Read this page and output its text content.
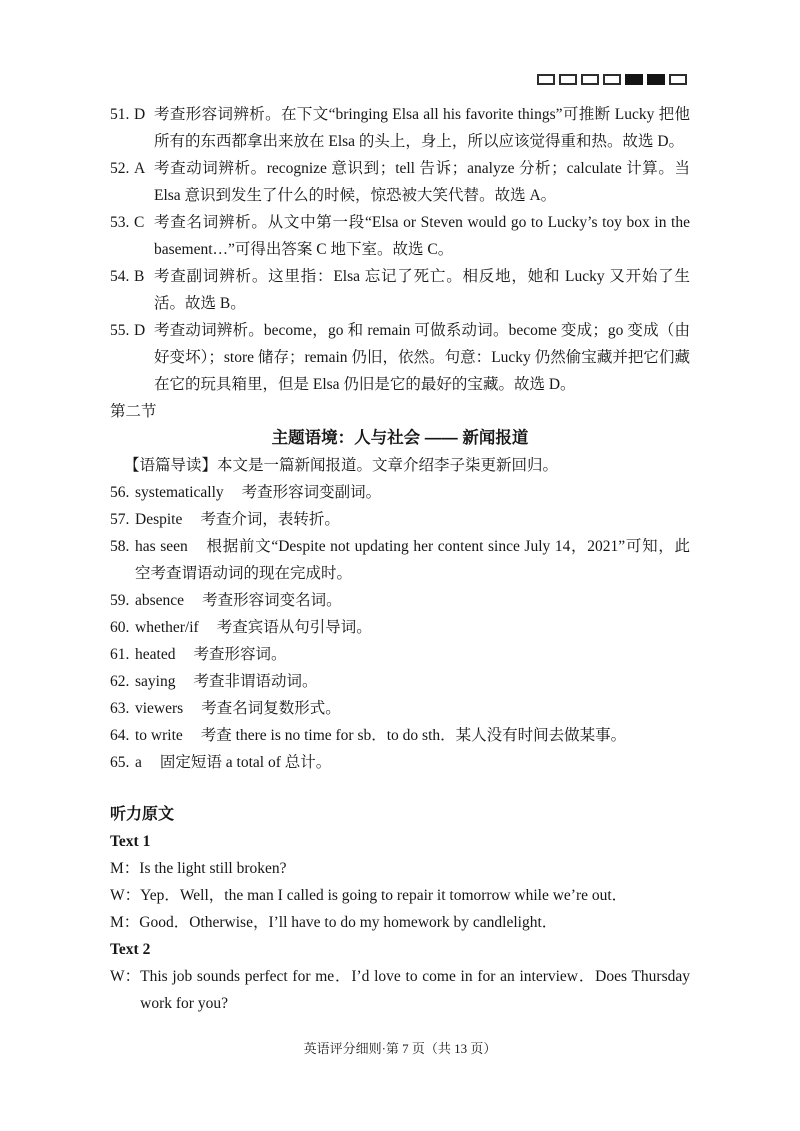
51. D 考查形容词辨析。在下文“bringing Elsa all his favorite things”可推断 Lucky 把他所有的东西都拿出来放在 Elsa 的头上，身上，所以应该觉得重和热。故选 D。
52. A 考查动词辨析。recognize 意识到；tell 告诉；analyze 分析；calculate 计算。当 Elsa 意识到发生了什么的时候，惊恐被大笑代替。故选 A。
53. C 考查名词辨析。从文中第一段“Elsa or Steven would go to Lucky’s toy box in the basement…”可得出答案 C 地下室。故选 C。
54. B 考查副词辨析。这里指：Elsa 忘记了死亡。相反地，她和 Lucky 又开始了生活。故选 B。
55. D 考查动词辨析。become，go 和 remain 可做系动词。become 变成；go 变成（由好变坏）；store 储存；remain 仍旧，依然。句意：Lucky 仍然偷宝藏并把它们藏在它的玩具箱里，但是 Elsa 仍旧是它的最好的宝藏。故选 D。
第二节
主题语境：人与社会 —— 新闻报道
【语篇导读】本文是一篇新闻报道。文章介绍李子柒更新回归。
56. systematically 考查形容词变副词。
57. Despite 考查介词，表转折。
58. has seen 根据前文“Despite not updating her content since July 14，2021”可知，此空考查谓语动词的现在完成时。
59. absence 考查形容词变名词。
60. whether/if 考查宾语从句引导词。
61. heated 考查形容词。
62. saying 考查非谓语动词。
63. viewers 考查名词复数形式。
64. to write 考查 there is no time for sb．to do sth．某人没有时间去做某事。
65. a 固定短语 a total of 总计。
听力原文
Text 1
M： Is the light still broken?
W： Yep．Well，the man I called is going to repair it tomorrow while we’re out．
M： Good．Otherwise，I’ll have to do my homework by candlelight．
Text 2
W： This job sounds perfect for me．I’d love to come in for an interview．Does Thursday work for you?
英语评分细则·第 7 页（共 13 页）
